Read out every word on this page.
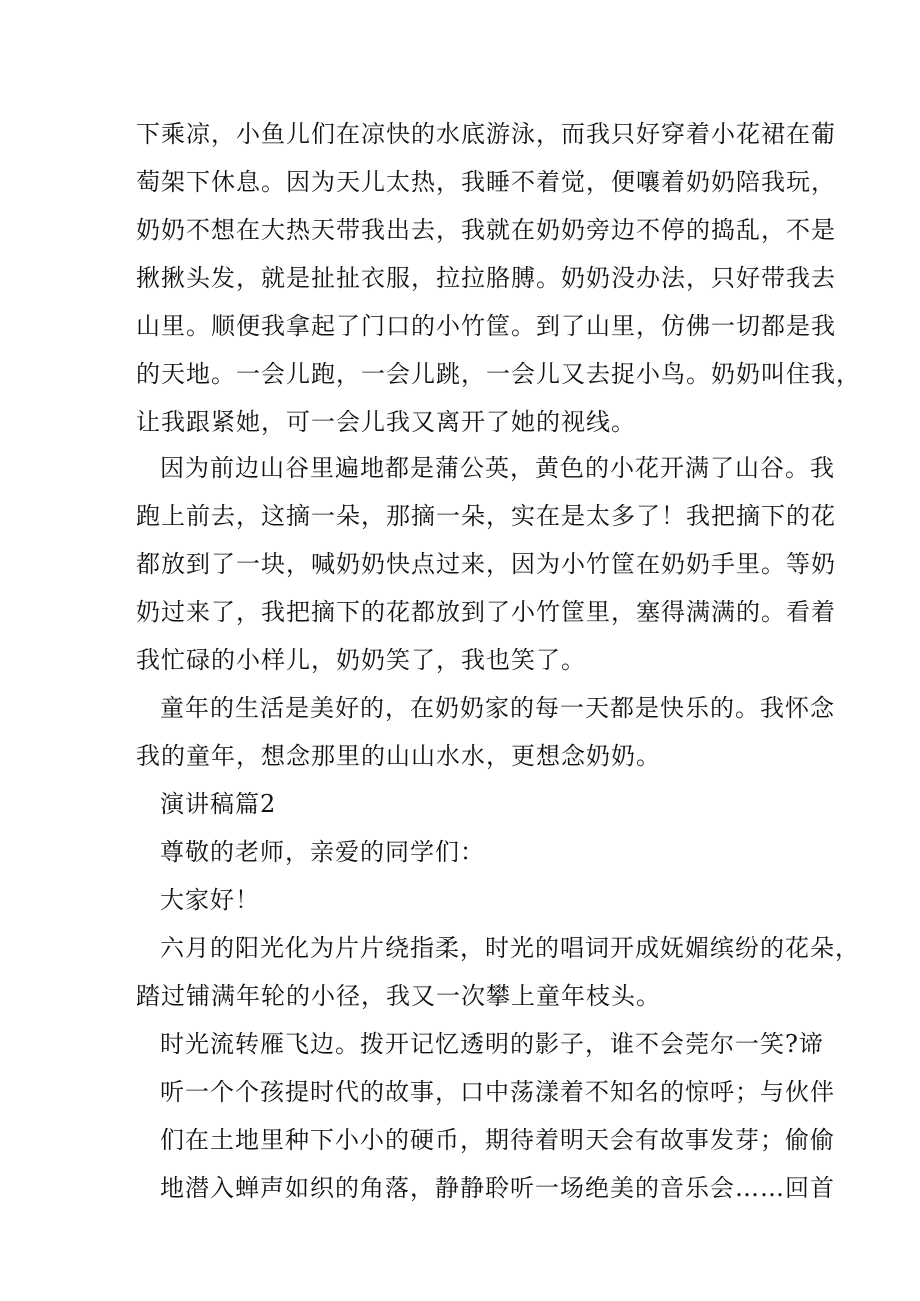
下乘凉，小鱼儿们在凉快的水底游泳，而我只好穿着小花裙在葡
萄架下休息。因为天儿太热，我睡不着觉，便嚷着奶奶陪我玩，
奶奶不想在大热天带我出去，我就在奶奶旁边不停的捣乱，不是
揪揪头发，就是扯扯衣服，拉拉胳膊。奶奶没办法，只好带我去
山里。顺便我拿起了门口的小竹筐。到了山里，仿佛一切都是我
的天地。一会儿跑，一会儿跳，一会儿又去捉小鸟。奶奶叫住我，
让我跟紧她，可一会儿我又离开了她的视线。
因为前边山谷里遍地都是蒲公英，黄色的小花开满了山谷。我
跑上前去，这摘一朵，那摘一朵，实在是太多了！我把摘下的花
都放到了一块，喊奶奶快点过来，因为小竹筐在奶奶手里。等奶
奶过来了，我把摘下的花都放到了小竹筐里，塞得满满的。看着
我忙碌的小样儿，奶奶笑了，我也笑了。
童年的生活是美好的，在奶奶家的每一天都是快乐的。我怀念
我的童年，想念那里的山山水水，更想念奶奶。
演讲稿篇2
尊敬的老师，亲爱的同学们：
大家好！
六月的阳光化为片片绕指柔，时光的唱词开成妩媚缤纷的花朵，
踏过铺满年轮的小径，我又一次攀上童年枝头。
时光流转雁飞边。拨开记忆透明的影子，谁不会莞尔一笑?谛
听一个个孩提时代的故事，口中荡漾着不知名的惊呼；与伙伴
们在土地里种下小小的硬币，期待着明天会有故事发芽；偷偷
地潜入蝉声如织的角落，静静聆听一场绝美的音乐会……回首
